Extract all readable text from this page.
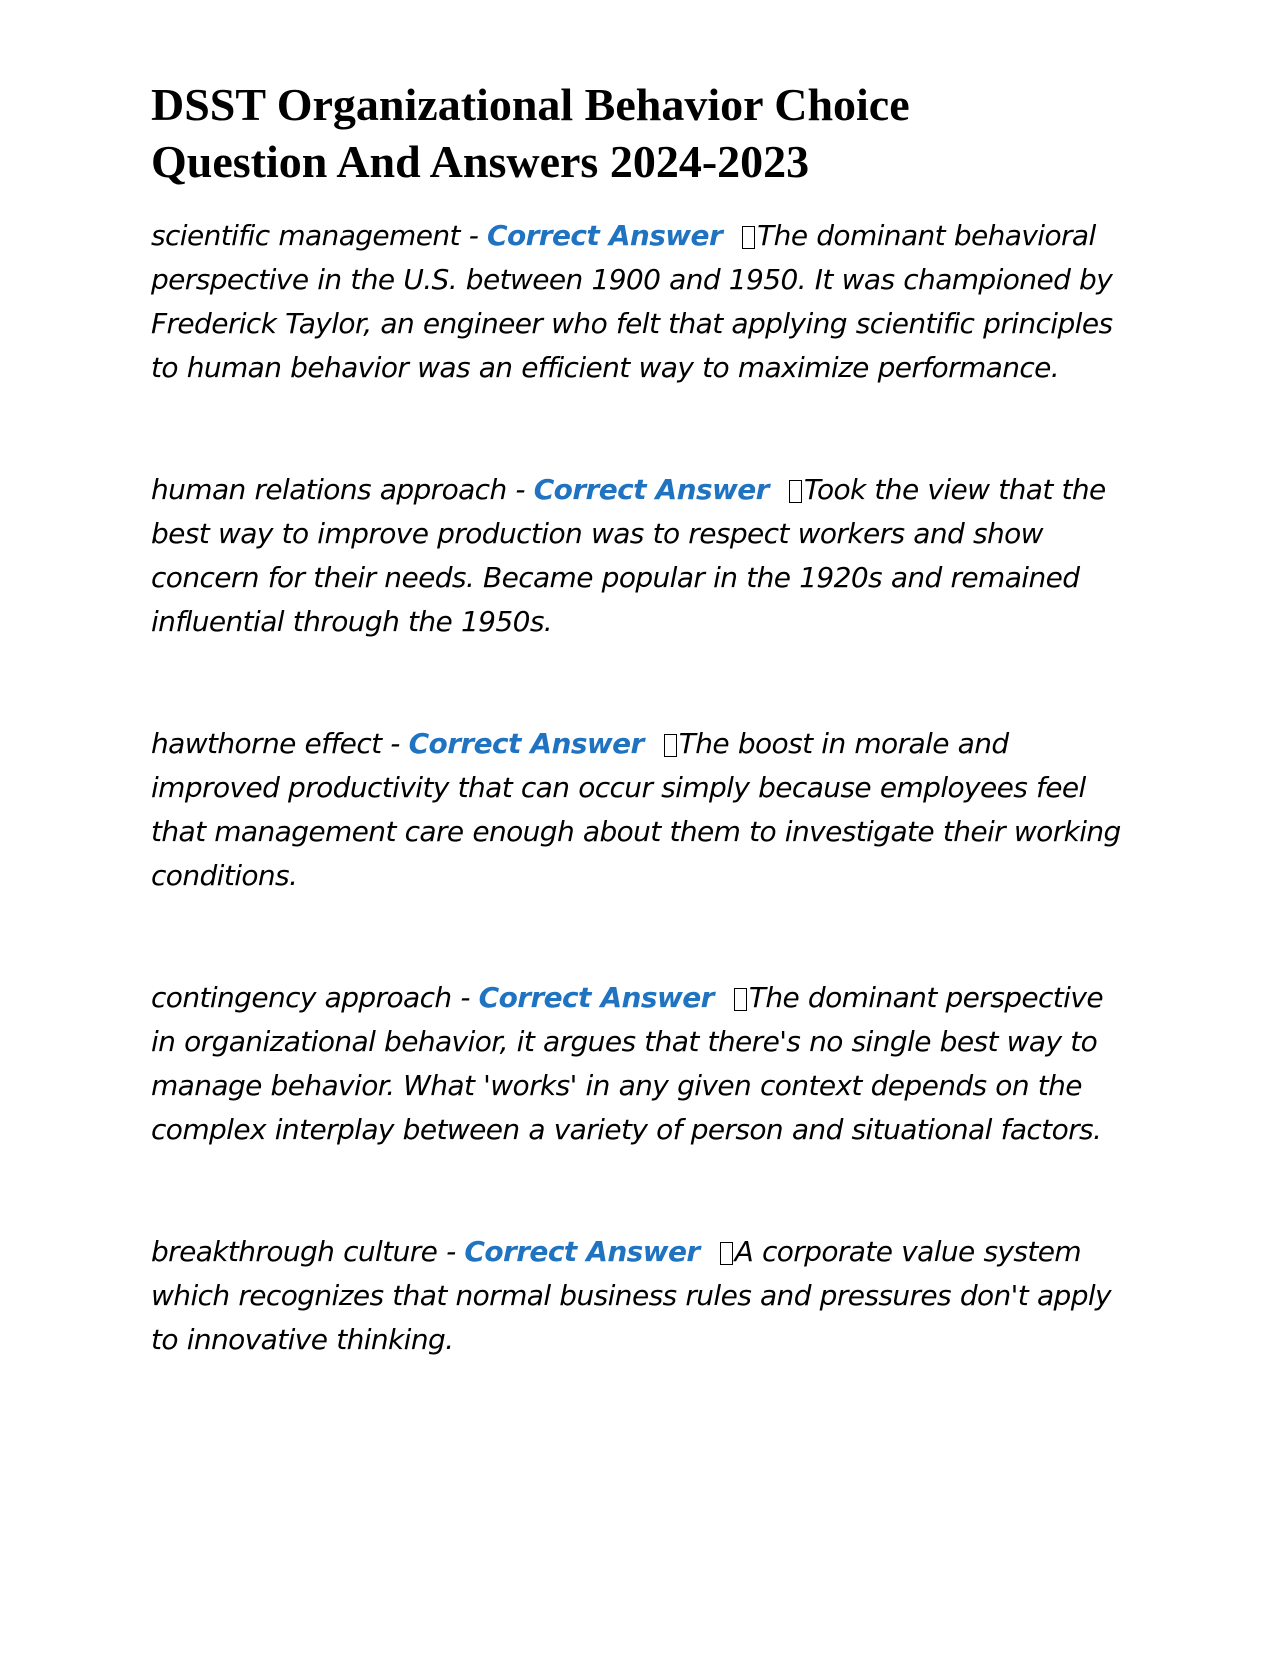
DSST Organizational Behavior Choice
Question And Answers 2024-2023
scientific management - Correct Answer The dominant behavioral perspective in the U.S. between 1900 and 1950. It was championed by Frederick Taylor, an engineer who felt that applying scientific principles to human behavior was an efficient way to maximize performance.
human relations approach - Correct Answer Took the view that the best way to improve production was to respect workers and show concern for their needs. Became popular in the 1920s and remained influential through the 1950s.
hawthorne effect - Correct Answer The boost in morale and improved productivity that can occur simply because employees feel that management care enough about them to investigate their working conditions.
contingency approach - Correct Answer The dominant perspective in organizational behavior, it argues that there's no single best way to manage behavior. What 'works' in any given context depends on the complex interplay between a variety of person and situational factors.
breakthrough culture - Correct Answer A corporate value system which recognizes that normal business rules and pressures don't apply to innovative thinking.
